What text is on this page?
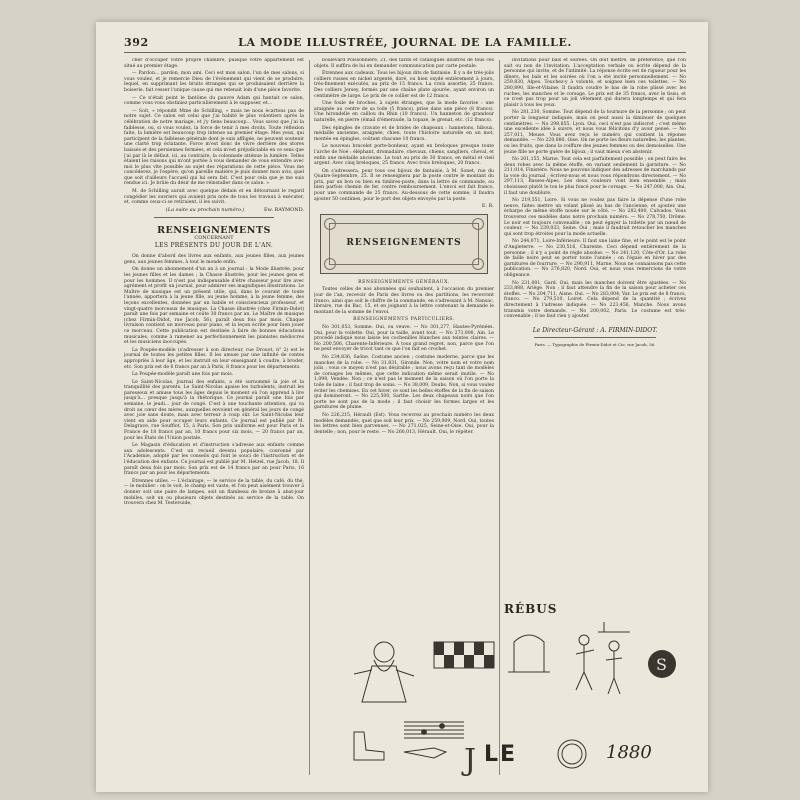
392	LA MODE ILLUSTRÉE, JOURNAL DE LA FAMILLE.

cher d'occuper votre propre chambre, puisque votre appartement est situé au premier étage.

— Pardon... pardon, mon ami. Ceci est mon salon, l'un de mes salons, si vous voulez, et je remercie Dieu de l'événement qui vient de se produire, lequel, en supprimant les bruits étranges qui se produisaient derrière la boiserie, fait cesser l'unique cause qui me retenait loin d'une pièce favorite.

— Ce n'était point le fantôme du pauvre Adam qui hantait ce salon, comme vous vous obstiniez particulièrement à le supposer, et...

— Soit, » répondit Mme de Schilling, « mais ne nous écartons pas de notre sujet. Ce salon est celui que j'ai habité le plus volontiers après la célébration de notre mariage, et j'y tiens beaucoup... Vous savez que j'ai la faiblesse, ou, si vous voulez, la force de tenir à mes droits. Toute réflexion faite, la lumière est beaucoup trop intense au premier étage. Mes yeux, qui participent de la faiblesse générale dont je suis affligée, ne peuvent soutenir une clarté trop éclatante. Force m'est donc de vivre derrière des stores baissés et des persiennes fermées, et cela m'est préjudiciable en ce sens que j'ai par là le défaut, ici, au contraire, la colonnade atténue la lumière. Telles étaient les raisons qui m'ont portée à vous demander de vous entendre avec moi le plus vite possible au sujet des réparations de cette pièce. Vous me concéderez, je l'espère, qu'on pareille matière je puis donner mon avis, quel que soit d'ailleurs l'accueil qui lui sera fait. C'est pour cela que je me suis rendue ici. Je brûle du désir de me réinstaller dans ce salon. »

M. de Schilling aurait avec quelque dédain et en détournant le regard congédier les ouvriers qui avaient pris note de tous les travaux à exécuter, et, comme ceux-ci se retiraient, il les suivit.

(La suite au prochain numéro.)	Ew. RAYMOND.
RENSEIGNEMENTS
CONCERNANT
LES PRÉSENTS DU JOUR DE L'AN.

On donne d'abord des livres aux enfants, aux jeunes filles, aux jeunes gens, aux jeunes femmes, à tout le monde enfin.

On donne un abonnement d'un an à un journal : la Mode illustrée, pour les jeunes filles et les dames ; la Chasse illustrée, pour les jeunes gens et pour les hommes. Il n'est pas indispensable d'être chasseur pour lire avec agrément et profit un journal, pour admirer ses magnifiques illustrations. Le Maître de musique est un présent utile, qui, dans le courant de toute l'année, apportera à la jeune fille, au jeune homme, à la jeune femme, des leçons excellentes, données par un habile et consciencieux professeur, et vingt-quatre morceaux de musique. La Chasse illustrée (chez Firmin-Didot) paraît une fois par semaine et coûte 30 francs par an. Le Maître de musique (chez Firmin-Didot, rue Jacob, 56), paraît deux fois par mois. Chaque livraison contient un morceau pour piano, et la leçon écrite pour bien jouer ce morceau. Cette publication est destinée à faire de bonnes éducations musicales, comme à ramener au perfectionnement les pianistes médiocres et les musiciens inoccupés.

La Poupée-modèle (s'adresser à son directeur, rue Drouot, n° 2) est le journal de toutes les petites filles. Il les amuse par une infinité de contes appropriés à leur âge, et les instruit en leur enseignant à coudre, à broder, etc. Son prix est de 6 francs par an à Paris, 8 francs pour les départements.

La Poupée-modèle paraît une fois par mois.

Le Saint-Nicolas, journal des enfants, a été surnommé la joie et la tranquillité des parents. Le Saint-Nicolas apaise les turbulents, instruit les paresseux et amuse tous les âges depuis le moment où l'on apprend à lire jusqu'à... presque jusqu'à la rhétorique. Ce journal paraît une fois par semaine, le jeudi... jour de congé. C'est à une touchante attention, qui va droit au cœur des mères, auxquelles envoient en général les jours de congé avec joie sans doute, mais avec terreur à coup sûr. Le Saint-Nicolas leur vient en aide pour occuper leurs enfants. Ce journal est publié par M. Delagrave, rue Soufflot, 15, à Paris. Son prix uniforme est pour Paris et la France de 18 francs par an, 10 francs pour six mois, — 20 francs par an, pour les États de l'Union postale.

Le Magasin d'éducation et d'instruction s'adresse aux enfants comme aux adolescents. C'est un recueil devenu populaire, couronné par l'Académie, adopté par les conseils qui font le souci de l'instruction et de l'éducation des enfants. Ce journal est publié par M. Hetzel, rue Jacob, 18. Il paraît deux fois par mois. Son prix est de 14 francs par an pour Paris, 16 francs par an pour les départements.

Étrennes utiles. — L'éclairage, — le service de la table, du café, du thé, — le mobilier : on le voit, le champ est vaste, et l'on peut aisément trouver à donner soit une paire de lampes, soit un flambeau de bronze à abat-jour mobiles, soit un ou plusieurs objets destinés au service de la table. On trouvera chez M. Testevuide,

boulevard Poissonnière, 21, des tarifs et catalogues illustrés de tous ces objets. Il suffira de lui en demander communication par carte postale.

Étrennes aux cadeaux. Tous les bijoux dits de fantaisie. Il y a de très-jolis colliers russes en nickel argenté, doré, ou bien oxydé entièrement à jours, très-finement exécutés, au prix de 15 francs. La croix assortie, 25 francs. Des colliers Jersey, formés par une chaîne plate ajourée, ayant environ un centimètre de large. Le prix de ce collier est de 12 francs.

Une foule de broches, à sujets étranges, que la mode favorise : une araignée au centre de sa toile (5 francs), prise dans une pièce (8 francs). Une hirondelle en caillou du Rhin (10 francs). Un hanneton de grandeur naturelle, en pierre (émail d'émeraude, la topaze, le grenat, etc. (12 francs).

Des épingles de cravate et de brides de chapeaux : hannetons, hiboux, médaille ancienne, araignée, chien, toute l'histoire naturelle en un mot, montée en épingles, coûtant chacune 10 francs.

Le nouveau bracelet porte-bonheur, ayant en breloques presque toute l'arche de Noé : éléphant, dromadaire, chevaux, chiens, sangliers, cheval, et enfin une médaille ancienne. Le tout au prix de 30 francs, en métal et vieil argent. Avec cinq breloques, 25 francs. Avec trois breloques, 20 francs.

On s'adressera, pour tous ces bijoux de fantaisie, à M. Sonet, rue du Quatre-Septembre, 25. Il se renseignera par la poste contre le montant du prix, par un bon ou bien en timbres-poste, dans la lettre de commande, ou bien parfois chemin de fer, contre remboursement. L'envoi est fait franco, pour une commande de 25 francs. Au-dessous de cette somme, il faudra ajouter 50 centimes, pour le port des objets envoyés par la poste.

E. R.
RENSEIGNEMENTS
RENSEIGNEMENTS GÉNÉRAUX.

Toutes celles de nos abonnées qui souhaitent, à l'occasion du premier jour de l'an, recevoir de Paris des livres ou des partitions, les recevront franco, ainsi que soit le chiffre de la commande, en s'adressant à M. Nansac, libraire, rue du Bac, 15, et en joignant à la lettre contenant la demande le montant de la somme de l'envoi.

RENSEIGNEMENTS PARTICULIERS.

No 301,053, Somme. Oui, ou veuve. — No 301,277, Hautes-Pyrénées. Oui, pour la voilette. Oui, pour la taille, avant tout. — No 273,000, Ain. Le procédé indiqué nous laisse les cochenilles blanches aux teintes claires. — No 200,506, Charente-Inférieure. À tous grand regret, non, parce que l'on ne peut envoyer de tricot tant ce que l'on fait en crochet.

No 234,836, Saône. Costume ancien ; costume moderne, parce que les manches de la robe. — No 31,831, Gironde. Non, votre nom et votre nom jolis ; vous ce moyen n'est pas désirable ; nous avons reçu tant de modèles de corsages les mêmes, que cette indication même serait inutile. — No 1,098, Vendée. Non ; ce n'est pas le moment de la saison où l'on porte la toile de laine ; il faut trop de soins. — No 38,009, Doubs. Non, si vous voulez éviter les chemises. En cet hiver, ce sont les belles étoffes de la fin de saison qui domineront. — No 225,500, Sarthe. Les deux chapeaux noirs que l'on porte ne sont pas de la mode ; il faut choisir les formes larges et les garnitures de plume.

No 226,215, Hérault (Est). Vous recevrez au prochain numéro les deux modèles demandés, quel que soit leur prix. — No 259,009, Nord. Oui, toutes les lettres sont bien parvenues. — No 271,025, Seine-et-Oise. Oui, pour la dentelle ; non, pour le reste. — No 260,013, Hérault. Oui, le répéter.

invitations pour bals et soirées. On doit mettre, de préférence, que l'on sait ou non de l'invitation. L'acceptation verbale ou écrite dépend de la personne qui invite, et de l'intimité. La réponse écrite est de rigueur pour les dîners, les bals et les soirées où l'on a été invité personnellement. — No 259,830, Alpes. Touchez-y à volonté, et soignez bien ces toilettes. — No 280,890, Ille-et-Vilaine. Il faudra coudre le bas de la robe plissé avec les ruches, les manches et le corsage. Le prix est de 35 francs, avec le tissu, et ce n'est pas trop pour un joli vêtement qui durera longtemps et qui fera plaisir à tous les yeux.

No 281,230, Somme. Tout dépend de la tournure de la personne ; on peut porter la longueur indiquée, mais on peut aussi la diminuer de quelques centimètres. — No 298,855, Lyon. Oui, ceci n'est pas indiscret ; c'est même une excellente idée à suivre, et nous vous félicitons d'y avoir pensé. — No 257,011, Meuse. Vous avez reçu le numéro qui contient la réponse demandée. — No 220,880, Oise. On ne porte les fleurs naturelles, les plantes, ou les fruits, que dans la coiffure des jeunes femmes ou des demoiselles. Une jeune fille ne porte guère de bijoux ; il vaut mieux s'en abstenir.

No 201,155, Marne. Tout cela est parfaitement possible ; on peut faire les deux robes avec la même étoffe, en variant seulement la garniture. — No 211,014, Finistère. Nous ne pouvons indiquer des adresses de marchands par la voie du journal ; écrivez-nous et nous vous répondrons directement. — No 297,113, Basses-Alpes. Les deux couleurs vont bien ensemble ; mais choisissez plutôt le ton le plus foncé pour le corsage. — No 247,000, Ain. Oui, il faut une doublure.

No 219,551, Loire. Si vous ne voulez pas faire la dépense d'une robe neuve, faites mettre un volant plissé au bas de l'ancienne, et ajoutez une écharpe de même étoffe nouée sur le côté. — No 282,400, Calvados. Vous trouverez ces modèles dans notre prochain numéro. — No 278,750, Drôme. Le noir est toujours convenable ; on peut égayer la toilette par un nœud de couleur. — No 239,033, Seine. Oui ; mais il faudrait retoucher les manches qui sont trop étroites pour la mode actuelle.

No 244,071, Loire-Inférieure. Il faut une laine fine, et le point est le point d'Angleterre. — No 230,516, Charente. Ceci dépend entièrement de la personne ; il n'y a point de règle absolue. — No 241,120, Côte-d'Or. La robe de faille noire peut se porter toute l'année ; on l'égaie en hiver par des garnitures de fourrure. — No 290,911, Marne. Nous ne connaissons pas cette publication. — No 276,820, Nord. Oui, et nous vous remercions de votre obligeance.

No 231,001, Gard. Oui, mais les manches doivent être ajustées. — No 233,888, Ariège. Non ; il faut attendre la fin de la saison pour acheter ces étoffes. — No 204,711, Aisne. Oui. — No 283,004, Var. Le prix est de 8 francs, franco. — No 279,510, Loiret. Cela dépend de la quantité ; écrivez directement à l'adresse indiquée. — No 223,456, Manche. Nous avons transmis votre demande. — No 200,002, Paris. Le costume est très-convenable ; il ne faut rien y ajouter.

Le Directeur-Gérant : A. FIRMIN-DIDOT.
Paris. — Typographie de Firmin-Didot et Cie, rue Jacob, 56.
RÉBUS
S
J LE	1880
